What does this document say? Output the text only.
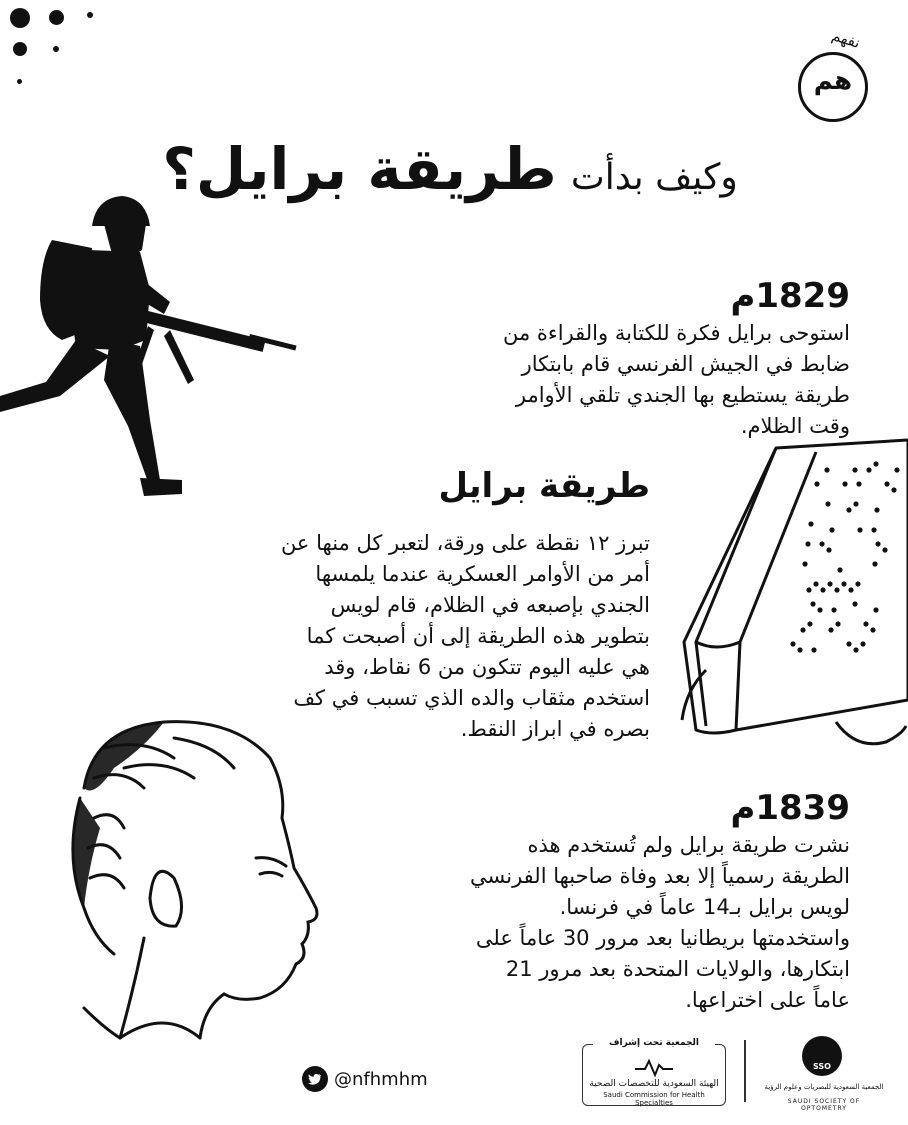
هم
نفهم
وكيف بدأت
طريقة برايل؟
1829م
استوحى برايل فكرة للكتابة والقراءة من ضابط في الجيش الفرنسي قام بابتكار طريقة يستطيع بها الجندي تلقي الأوامر وقت الظلام.
طريقة برايل
تبرز ١٢ نقطة على ورقة، لتعبر كل منها عن أمر من الأوامر العسكرية عندما يلمسها الجندي بإصبعه في الظلام، قام لويس بتطوير هذه الطريقة إلى أن أصبحت كما هي عليه اليوم تتكون من 6 نقاط، وقد استخدم مثقاب والده الذي تسبب في كف بصره في ابراز النقط.
1839م
نشرت طريقة برايل ولم تُستخدم هذه الطريقة رسمياً إلا بعد وفاة صاحبها الفرنسي لويس برايل بـ14 عاماً في فرنسا. واستخدمتها بريطانيا بعد مرور 30 عاماً على ابتكارها، والولايات المتحدة بعد مرور 21 عاماً على اختراعها.
@nfhmhm
الجمعية تحت إشراف
الهيئة السعودية للتخصصات الصحية
Saudi Commission for Health Specialties
SSO
الجمعية السعودية للبصريات وعلوم الرؤية
SAUDI SOCIETY OF OPTOMETRY
